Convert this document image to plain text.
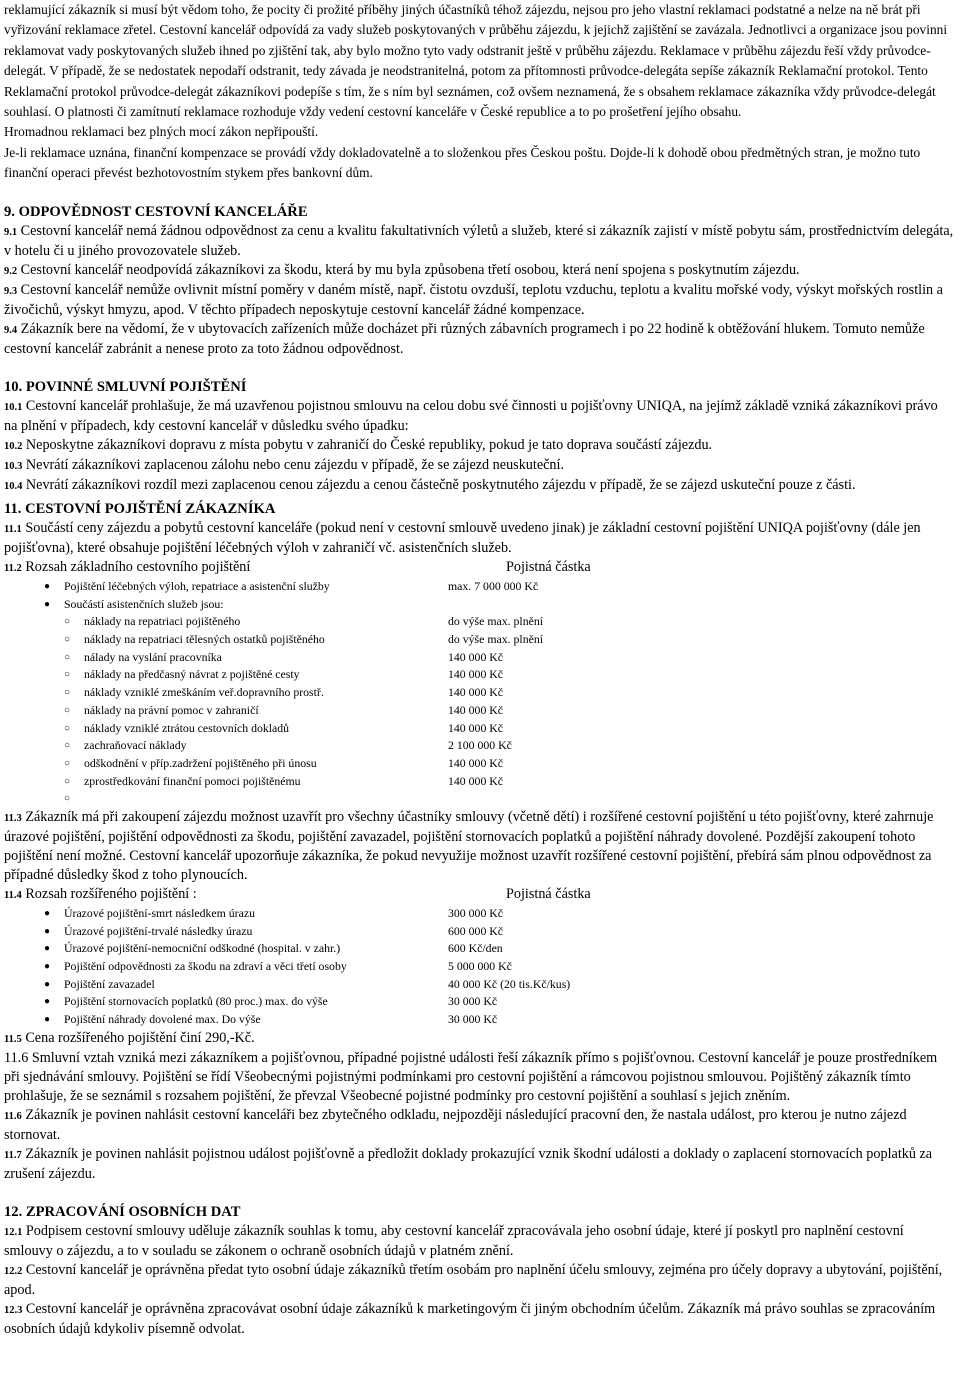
reklamující zákazník si musí být vědom toho, že pocity či prožité příběhy jiných účastníků téhož zájezdu, nejsou pro jeho vlastní reklamaci podstatné a nelze na ně brát při vyřizování reklamace zřetel. Cestovní kancelář odpovídá za vady služeb poskytovaných v průběhu zájezdu, k jejichž zajištění se zavázala. Jednotlivci a organizace jsou povinni reklamovat vady poskytovaných služeb ihned po zjištění tak, aby bylo možno tyto vady odstranit ještě v průběhu zájezdu. Reklamace v průběhu zájezdu řeší vždy průvodce-delegát. V případě, že se nedostatek nepodaří odstranit, tedy závada je neodstranitelná, potom za přítomnosti průvodce-delegáta sepíše zákazník Reklamační protokol. Tento Reklamační protokol průvodce-delegát zákazníkovi podepíše s tím, že s ním byl seznámen, což ovšem neznamená, že s obsahem reklamace zákazníka vždy průvodce-delegát souhlasí. O platnosti či zamítnutí reklamace rozhoduje vždy vedení cestovní kanceláře v České republice a to po prošetření jejího obsahu.

Hromadnou reklamaci bez plných mocí zákon nepřipouští.

Je-li reklamace uznána, finanční kompenzace se provádí vždy dokladovatelně a to složenkou přes Českou poštu. Dojde-li k dohodě obou předmětných stran, je možno tuto finanční operaci převést bezhotovostním stykem přes bankovní dům.

9. ODPOVĚDNOST CESTOVNÍ KANCELÁŘE

9.1 Cestovní kancelář nemá žádnou odpovědnost za cenu a kvalitu fakultativních výletů a služeb, které si zákazník zajistí v místě pobytu sám, prostřednictvím delegáta, v hotelu či u jiného provozovatele služeb.

9.2 Cestovní kancelář neodpovídá zákazníkovi za škodu, která by mu byla způsobena třetí osobou, která není spojena s poskytnutím zájezdu.

9.3 Cestovní kancelář nemůže ovlivnit místní poměry v daném místě, např. čistotu ovzduší, teplotu vzduchu, teplotu a kvalitu mořské vody, výskyt mořských rostlin a živočichů, výskyt hmyzu, apod. V těchto případech neposkytuje cestovní kancelář žádné kompenzace.

9.4 Zákazník bere na vědomí, že v ubytovacích zařízeních může docházet při různých zábavních programech i po 22 hodině k obtěžování hlukem. Tomuto nemůže cestovní kancelář zabránit a nenese proto za toto žádnou odpovědnost.

10. POVINNÉ SMLUVNÍ POJIŠTĚNÍ

10.1 Cestovní kancelář prohlašuje, že má uzavřenou pojistnou smlouvu na celou dobu své činnosti u pojišťovny UNIQA, na jejímž základě vzniká zákazníkovi právo na plnění v případech, kdy cestovní kancelář v důsledku svého úpadku:

10.2 Neposkytne zákazníkovi dopravu z místa pobytu v zahraničí do České republiky, pokud je tato doprava součástí zájezdu.

10.3 Nevrátí zákazníkovi zaplacenou zálohu nebo cenu zájezdu v případě, že se zájezd neuskuteční.

10.4 Nevrátí zákazníkovi rozdíl mezi zaplacenou cenou zájezdu a cenou částečně poskytnutého zájezdu v případě, že se zájezd uskuteční pouze z části.

11. CESTOVNÍ POJIŠTĚNÍ ZÁKAZNÍKA

11.1 Součástí ceny zájezdu a pobytů cestovní kanceláře (pokud není v cestovní smlouvě uvedeno jinak) je základní cestovní pojištění UNIQA pojišťovny (dále jen pojišťovna), které obsahuje pojištění léčebných výloh v zahraničí vč. asistenčních služeb.

11.2 Rozsah základního cestovního pojištění	Pojistná částka
●	Pojištění léčebných výloh, repatriace a asistenční služby	max. 7 000 000 Kč
●	Součástí asistenčních služeb jsou:
○	náklady na repatriaci pojištěného	do výše max. plnění
○	náklady na repatriaci tělesných ostatků pojištěného	do výše max. plnění
○	nálady na vyslání pracovníka	140 000 Kč
○	náklady na předčasný návrat z pojištěné cesty	140 000 Kč
○	náklady vzniklé zmeškáním veř.dopravního prostř.	140 000 Kč
○	náklady na právní pomoc v zahraničí	140 000 Kč
○	náklady vzniklé ztrátou cestovních dokladů	140 000 Kč
○	zachraňovací náklady	2 100 000 Kč
○	odškodnění v příp.zadržení pojištěného při únosu	140 000 Kč
○	zprostředkování finanční pomoci pojištěnému	140 000 Kč
○

11.3 Zákazník má při zakoupení zájezdu možnost uzavřít pro všechny účastníky smlouvy (včetně dětí) i rozšířené cestovní pojištění u této pojišťovny, které zahrnuje úrazové pojištění, pojištění odpovědnosti za škodu, pojištění zavazadel, pojištění stornovacích poplatků a pojištění náhrady dovolené. Pozdější zakoupení tohoto pojištění není možné. Cestovní kancelář upozorňuje zákazníka, že pokud nevyužije možnost uzavřít rozšířené cestovní pojištění, přebírá sám plnou odpovědnost za případné důsledky škod z toho plynoucích.

11.4 Rozsah rozšířeného pojištění :	Pojistná částka
●	Úrazové pojištění-smrt následkem úrazu	300 000 Kč
●	Úrazové pojištění-trvalé následky úrazu	600 000 Kč
●	Úrazové pojištění-nemocniční odškodné (hospital. v zahr.)	600 Kč/den
●	Pojištění odpovědnosti za škodu na zdraví a věci třetí osoby	5 000 000 Kč
●	Pojištění zavazadel	40 000 Kč (20 tis.Kč/kus)
●	Pojištění stornovacích poplatků (80 proc.) max. do výše	30 000 Kč
●	Pojištění náhrady dovolené max. Do výše	30 000 Kč

11.5 Cena rozšířeného pojištění činí 290,-Kč.

11.6 Smluvní vztah vzniká mezi zákazníkem a pojišťovnou, případné pojistné události řeší zákazník přímo s pojišťovnou. Cestovní kancelář je pouze prostředníkem při sjednávání smlouvy. Pojištění se řídí Všeobecnými pojistnými podmínkami pro cestovní pojištění a rámcovou pojistnou smlouvou. Pojištěný zákazník tímto prohlašuje, že se seznámil s rozsahem pojištění, že převzal Všeobecné pojistné podmínky pro cestovní pojištění a souhlasí s jejich zněním.

11.6 Zákazník je povinen nahlásit cestovní kanceláři bez zbytečného odkladu, nejpozději následující pracovní den, že nastala událost, pro kterou je nutno zájezd stornovat.

11.7 Zákazník je povinen nahlásit pojistnou událost pojišťovně a předložit doklady prokazující vznik škodní události a doklady o zaplacení stornovacích poplatků za zrušení zájezdu.

12. ZPRACOVÁNÍ OSOBNÍCH DAT

12.1 Podpisem cestovní smlouvy uděluje zákazník souhlas k tomu, aby cestovní kancelář zpracovávala jeho osobní údaje, které jí poskytl pro naplnění cestovní smlouvy o zájezdu, a to v souladu se zákonem o ochraně osobních údajů v platném znění.

12.2 Cestovní kancelář je oprávněna předat tyto osobní údaje zákazníků třetím osobám pro naplnění účelu smlouvy, zejména pro účely dopravy a ubytování, pojištění, apod.

12.3 Cestovní kancelář je oprávněna zpracovávat osobní údaje zákazníků k marketingovým či jiným obchodním účelům. Zákazník má právo souhlas se zpracováním osobních údajů kdykoliv písemně odvolat.
